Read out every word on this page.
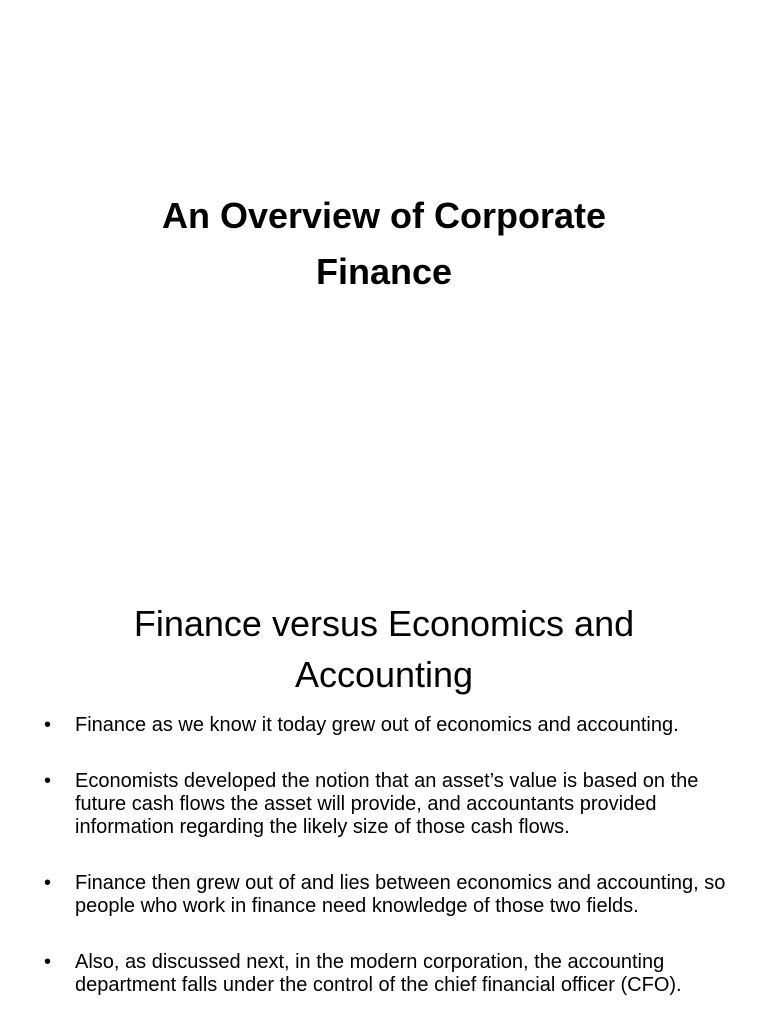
An Overview of Corporate
Finance
Finance versus Economics and
Accounting
• Finance as we know it today grew out of economics and accounting.
• Economists developed the notion that an asset’s value is based on the future cash flows the asset will provide, and accountants provided information regarding the likely size of those cash flows.
• Finance then grew out of and lies between economics and accounting, so people who work in finance need knowledge of those two fields.
• Also, as discussed next, in the modern corporation, the accounting department falls under the control of the chief financial officer (CFO).
